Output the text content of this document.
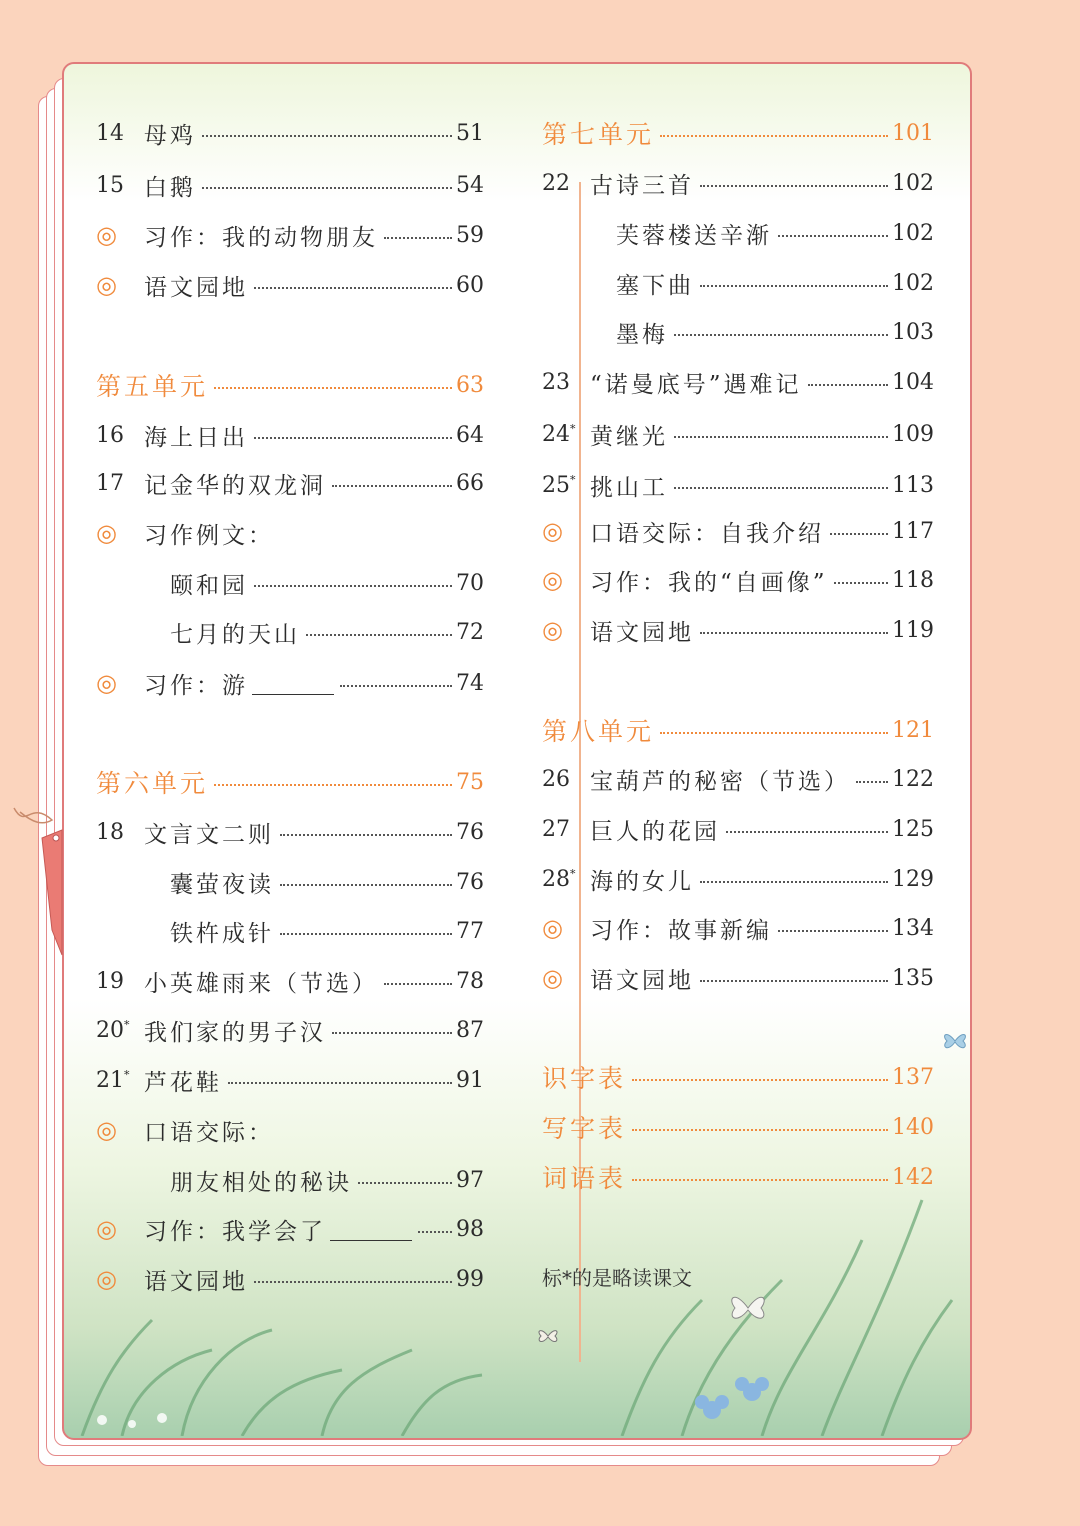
14 母鸡	51
15 白鹅	54
◎	习作：我的动物朋友	59
◎	语文园地	60
第五单元	63
16 海上日出	64
17 记金华的双龙洞	66
◎	习作例文：
颐和园	70
七月的天山	72
◎	习作：游	74
第六单元	75
18 文言文二则	76
囊萤夜读	76
铁杵成针	77
19 小英雄雨来（节选）	78
20* 我们家的男子汉	87
21* 芦花鞋	91
◎	口语交际：
朋友相处的秘诀	97
◎	习作：我学会了	98
◎	语文园地	99
第七单元	101
22 古诗三首	102
芙蓉楼送辛渐	102
塞下曲	102
墨梅	103
23 “诺曼底号”遇难记	104
24* 黄继光	109
25* 挑山工	113
◎	口语交际：自我介绍	117
◎	习作：我的“自画像”	118
◎	语文园地	119
第八单元	121
26 宝葫芦的秘密（节选） 122
27 巨人的花园	125
28* 海的女儿	129
◎	习作：故事新编	134
◎	语文园地	135
识字表	137
写字表	140
词语表	142
标*的是略读课文
